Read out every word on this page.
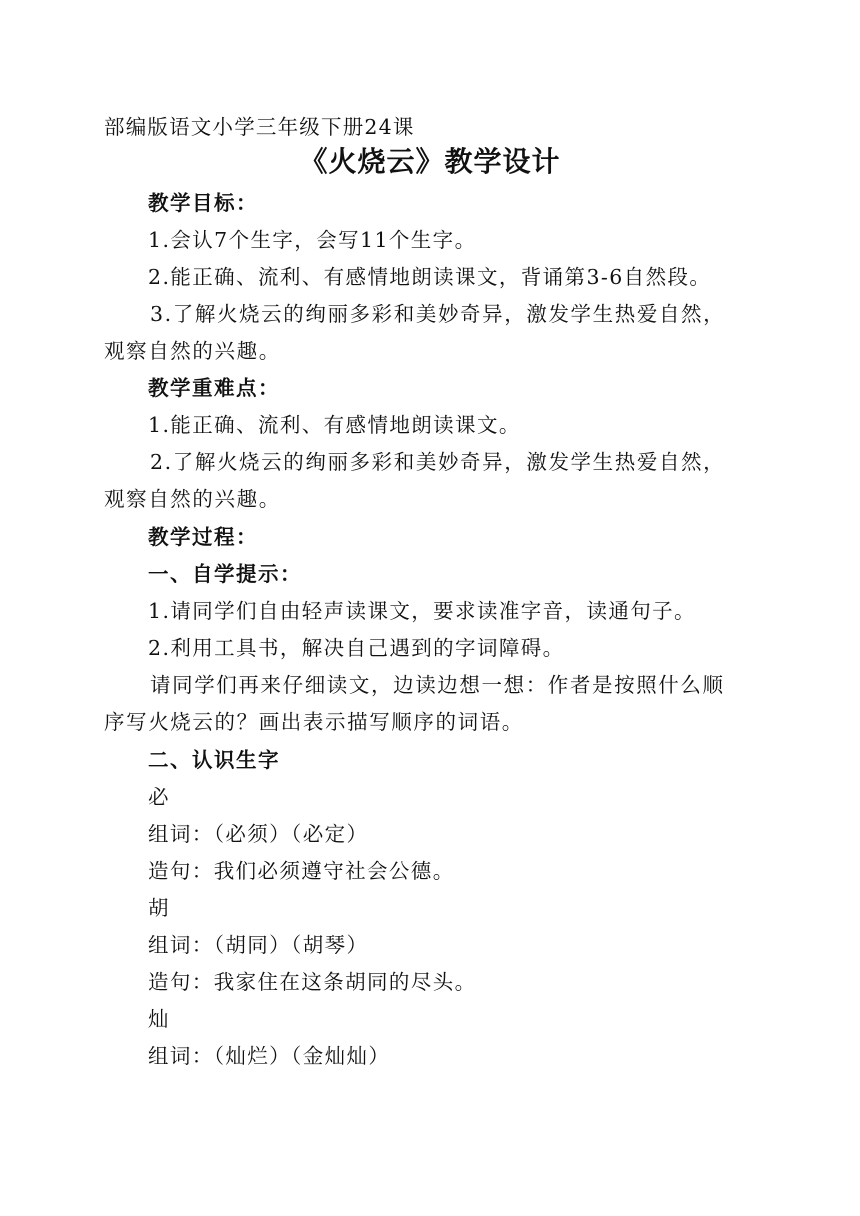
部编版语文小学三年级下册24课
《火烧云》教学设计
教学目标：
1.会认7个生字，会写11个生字。
2.能正确、流利、有感情地朗读课文，背诵第3-6自然段。
3.了解火烧云的绚丽多彩和美妙奇异，激发学生热爱自然，
观察自然的兴趣。
教学重难点：
1.能正确、流利、有感情地朗读课文。
2.了解火烧云的绚丽多彩和美妙奇异，激发学生热爱自然，
观察自然的兴趣。
教学过程：
一、自学提示：
1.请同学们自由轻声读课文，要求读准字音，读通句子。
2.利用工具书，解决自己遇到的字词障碍。
请同学们再来仔细读文，边读边想一想：作者是按照什么顺
序写火烧云的？画出表示描写顺序的词语。
二、认识生字
必
组词：（必须）（必定）
造句：我们必须遵守社会公德。
胡
组词：（胡同）（胡琴）
造句：我家住在这条胡同的尽头。
灿
组词：（灿烂）（金灿灿）
